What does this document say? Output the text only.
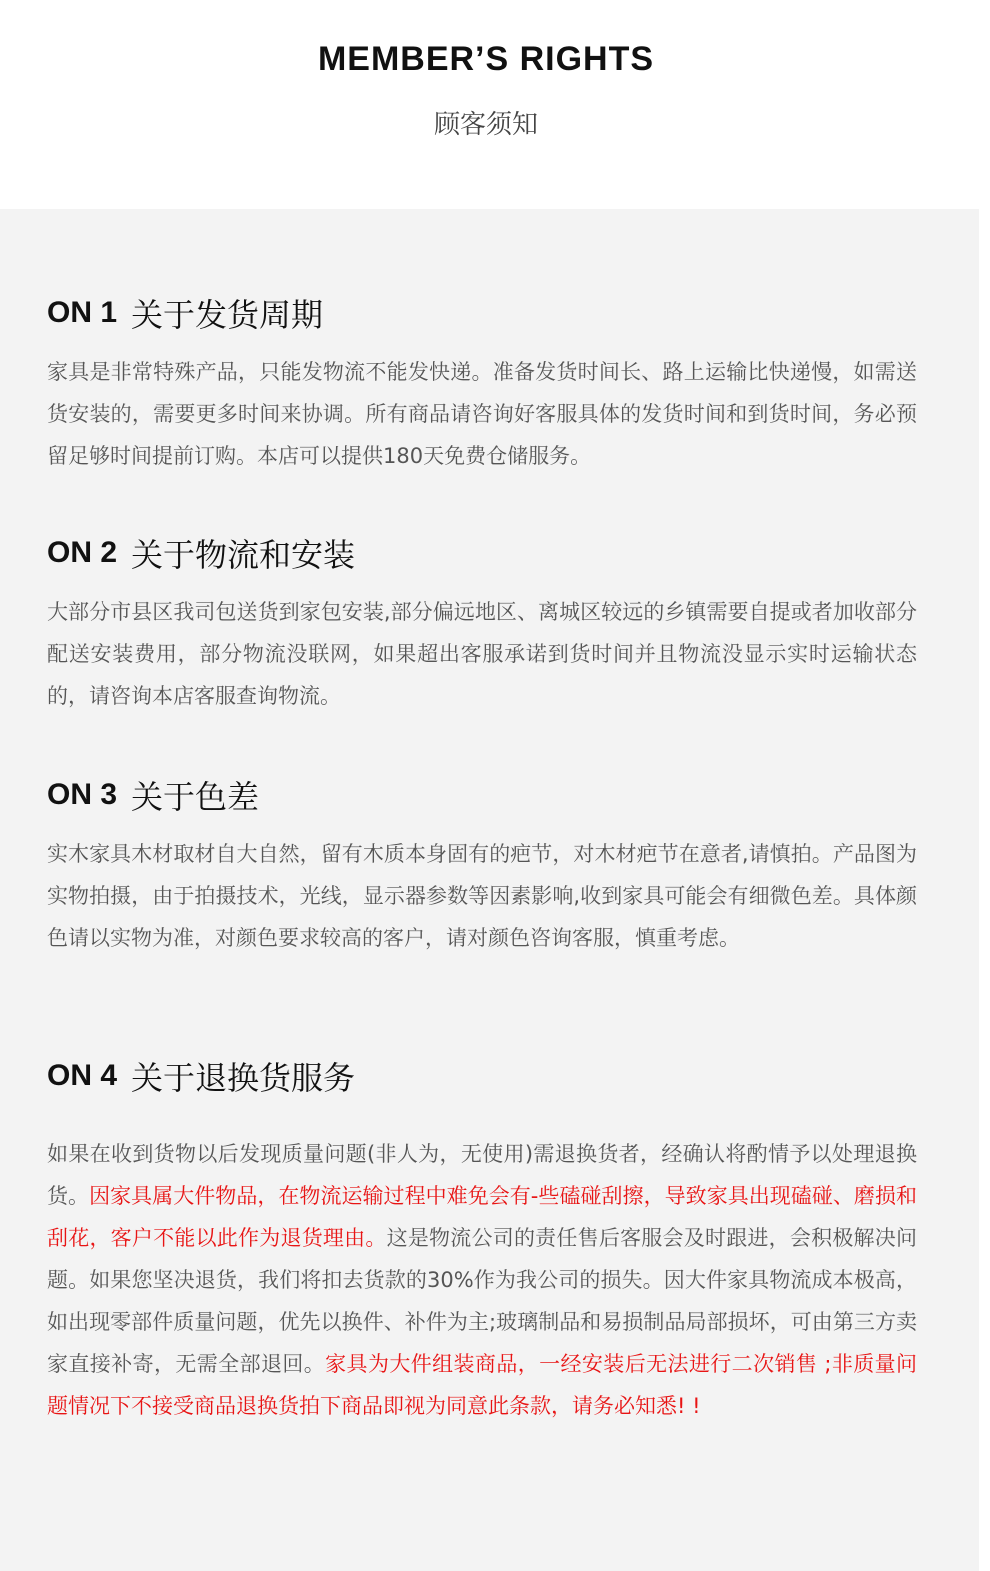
MEMBER’S RIGHTS
顾客须知
ON 1 关于发货周期

家具是非常特殊产品，只能发物流不能发快递。准备发货时间长、路上运输比快递慢，如需送货安装的，需要更多时间来协调。所有商品请咨询好客服具体的发货时间和到货时间，务必预留足够时间提前订购。本店可以提供180天免费仓储服务。

ON 2 关于物流和安装

大部分市县区我司包送货到家包安装,部分偏远地区、离城区较远的乡镇需要自提或者加收部分配送安装费用，部分物流没联网，如果超出客服承诺到货时间并且物流没显示实时运输状态的，请咨询本店客服查询物流。

ON 3 关于色差

实木家具木材取材自大自然，留有木质本身固有的疤节，对木材疤节在意者,请慎拍。产品图为实物拍摄，由于拍摄技术，光线，显示器参数等因素影响,收到家具可能会有细微色差。具体颜色请以实物为准，对颜色要求较高的客户，请对颜色咨询客服，慎重考虑。

ON 4 关于退换货服务

如果在收到货物以后发现质量问题(非人为，无使用)需退换货者，经确认将酌情予以处理退换货。因家具属大件物品，在物流运输过程中难免会有-些磕碰刮擦，导致家具出现磕碰、磨损和刮花，客户不能以此作为退货理由。这是物流公司的责任售后客服会及时跟进，会积极解决问题。如果您坚决退货，我们将扣去货款的30%作为我公司的损失。因大件家具物流成本极高，如出现零部件质量问题，优先以换件、补件为主;玻璃制品和易损制品局部损坏，可由第三方卖家直接补寄，无需全部退回。家具为大件组装商品，一经安装后无法进行二次销售 ;非质量问题情况下不接受商品退换货拍下商品即视为同意此条款，请务必知悉! !
